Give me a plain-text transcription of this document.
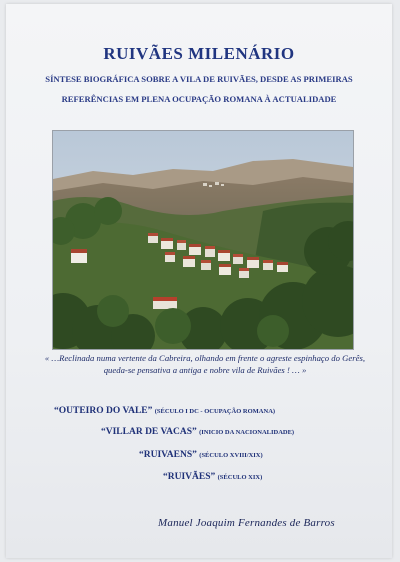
RUIVÃES MILENÁRIO
SÍNTESE BIOGRÁFICA SOBRE A VILA DE RUIVÃES, DESDE AS PRIMEIRAS
REFERÊNCIAS EM PLENA OCUPAÇÃO ROMANA À ACTUALIDADE
« …Reclinada numa vertente da Cabreira, olhando em frente o agreste espinhaço do Gerês, queda-se pensativa a antiga e nobre vila de Ruivães ! … »
“OUTEIRO DO VALE” (SÉCULO I DC - OCUPAÇÃO ROMANA)
“VILLAR DE VACAS” (INICIO DA NACIONALIDADE)
“RUIVAENS” (SÉCULO XVIII/XIX)
“RUIVÃES” (SÉCULO XIX)
Manuel Joaquim Fernandes de Barros
